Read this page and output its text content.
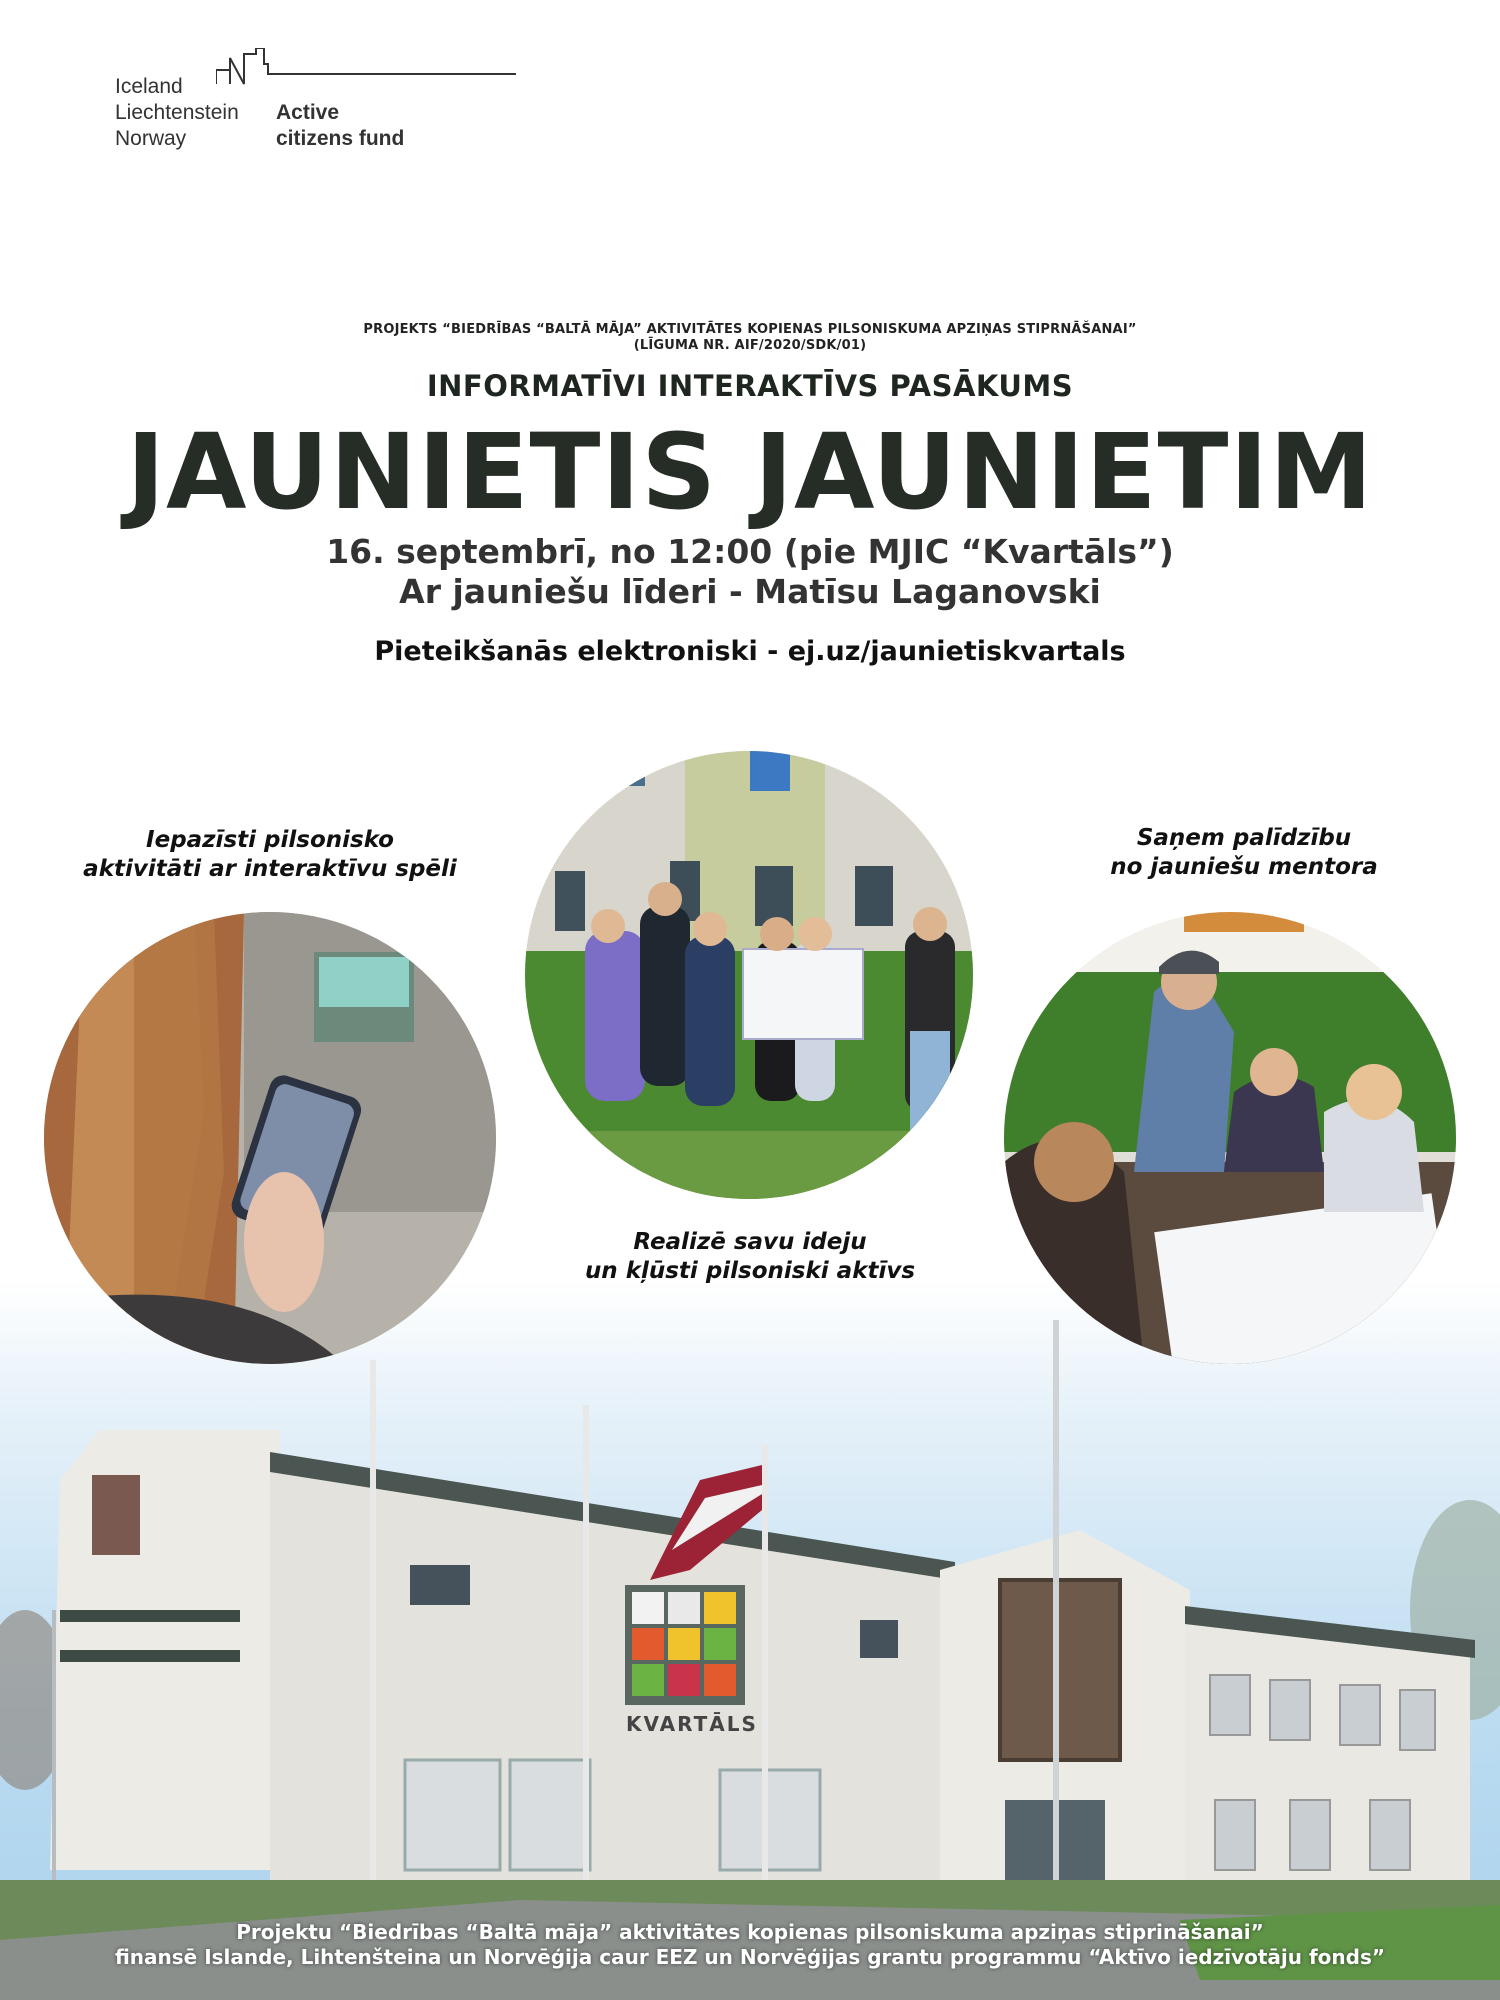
Iceland
Liechtenstein
Norway
Active
citizens fund
PROJEKTS “BIEDRĪBAS “BALTĀ MĀJA” AKTIVITĀTES KOPIENAS PILSONISKUMA APZIŅAS STIPRNĀŠANAI”
(LĪGUMA NR. AIF/2020/SDK/01)
INFORMATĪVI INTERAKTĪVS PASĀKUMS
JAUNIETIS JAUNIETIM
16. septembrī, no 12:00 (pie MJIC “Kvartāls”)
Ar jauniešu līderi - Matīsu Laganovski
Pieteikšanās elektroniski - ej.uz/jaunietiskvartals
Iepazīsti pilsonisko
aktivitāti ar interaktīvu spēli
Saņem palīdzību
no jauniešu mentora
KVARTĀLS
Realizē savu ideju
un kļūsti pilsoniski aktīvs
Projektu “Biedrības “Baltā māja” aktivitātes kopienas pilsoniskuma apziņas stiprināšanai”
finansē Islande, Lihtenšteina un Norvēģija caur EEZ un Norvēģijas grantu programmu “Aktīvo iedzīvotāju fonds”
